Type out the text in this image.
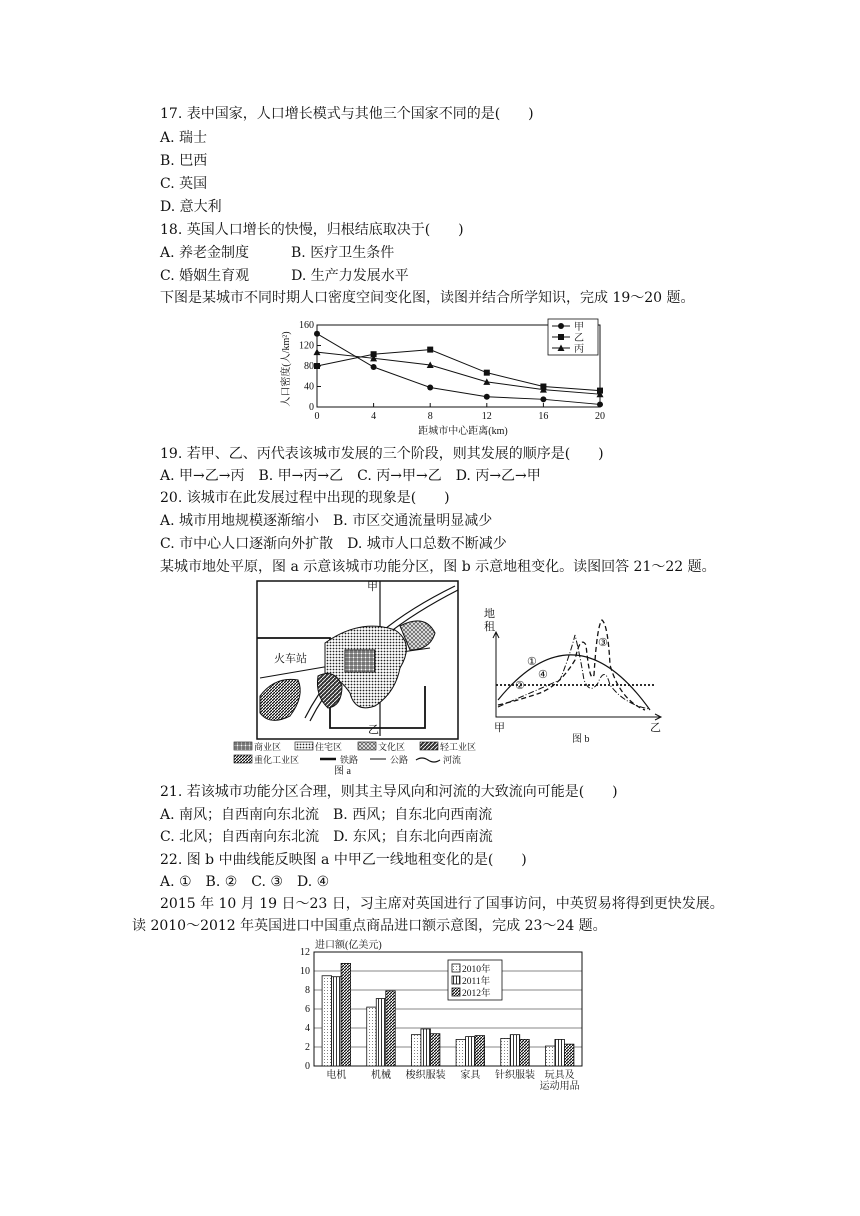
17. 表中国家，人口增长模式与其他三个国家不同的是(　　)
A. 瑞士
B. 巴西
C. 英国
D. 意大利
18. 英国人口增长的快慢，归根结底取决于(　　)
A. 养老金制度　　　B. 医疗卫生条件
C. 婚姻生育观　　　D. 生产力发展水平
下图是某城市不同时期人口密度空间变化图，读图并结合所学知识，完成 19～20 题。
人口密度(人/km²)
0
40
80
120
160
0	4	8	12	16	20
甲
乙
丙
距城市中心距离(km)
19. 若甲、乙、丙代表该城市发展的三个阶段，则其发展的顺序是(　　)
A. 甲→乙→丙　B. 甲→丙→乙　C. 丙→甲→乙　D. 丙→乙→甲
20. 该城市在此发展过程中出现的现象是(　　)
A. 城市用地规模逐渐缩小　B. 市区交通流量明显减少
C. 市中心人口逐渐向外扩散　D. 城市人口总数不断减少
某城市地处平原，图 a 示意该城市功能分区，图 b 示意地租变化。读图回答 21～22 题。
甲
乙
火车站
商业区	住宅区	文化区	轻工业区
重化工业区	铁路	公路	河流
图 a
地
租
①
②
③
④
甲	乙
图 b
21. 若该城市功能分区合理，则其主导风向和河流的大致流向可能是(　　)
A. 南风；自西南向东北流　B. 西风；自东北向西南流
C. 北风；自西南向东北流　D. 东风；自东北向西南流
22. 图 b 中曲线能反映图 a 中甲乙一线地租变化的是(　　)
A. ①　B. ②　C. ③　D. ④
2015 年 10 月 19 日～23 日，习主席对英国进行了国事访问，中英贸易将得到更快发展。
读 2010～2012 年英国进口中国重点商品进口额示意图，完成 23～24 题。
进口额(亿美元)
0
2
4
6
8
10
12
电机 机械 梭织服装 家具 针织服装 玩具及
运动用品
2010年
2011年
2012年
